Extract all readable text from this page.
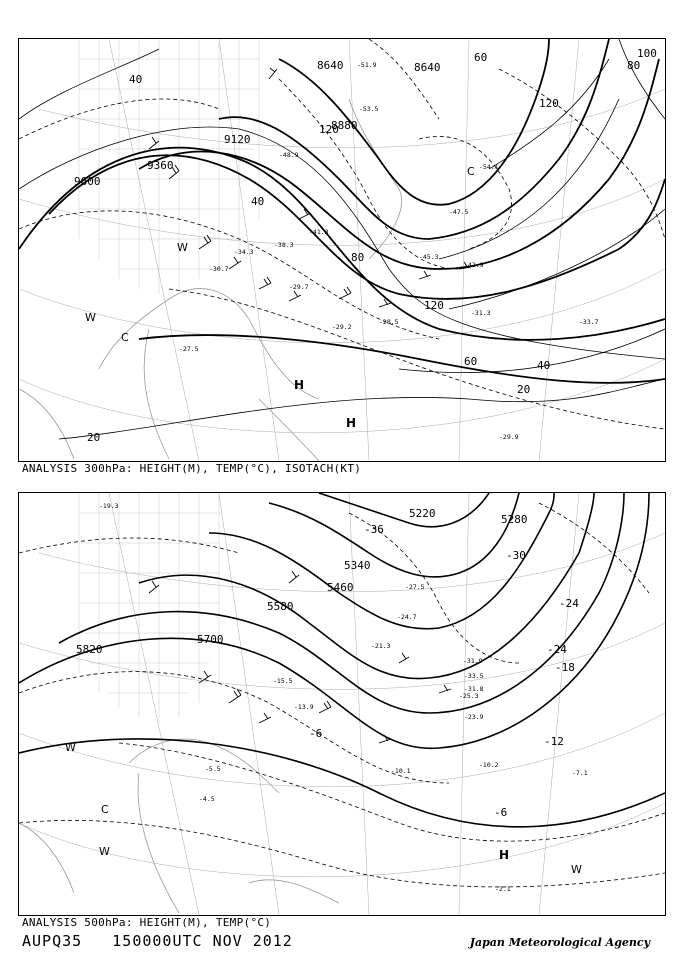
9600
9360
9120
8880
8640	8640
20
20
40
40
40
60
60
80
80
100
120
120
120
-51.9
-53.5
-54.1
-48.9
-47.5
-42.9
-45.3
-41.3
-38.3
-34.3
-30.7
-29.7
-29.2
-28.5
-27.5
-31.3
-33.7
-29.9
H
H
C
C
W
W
ANALYSIS 300hPa: HEIGHT(M), TEMP(°C), ISOTACH(KT)
5820
5700
5580
5460
5340
5220	5280
-36
-30
-24
-24
-18
-12
-6
-6
-19.3
-21.3
-25.3
-27.5
-24.7
-31.9
-33.5
-31.8
-23.9
-15.5
-13.9
-10.1
-10.2
-7.1
-5.5
-4.5
-2.1
H
W
W
W
C
ANALYSIS 500hPa: HEIGHT(M), TEMP(°C)
AUPQ35   150000UTC NOV 2012	Japan Meteorological Agency
